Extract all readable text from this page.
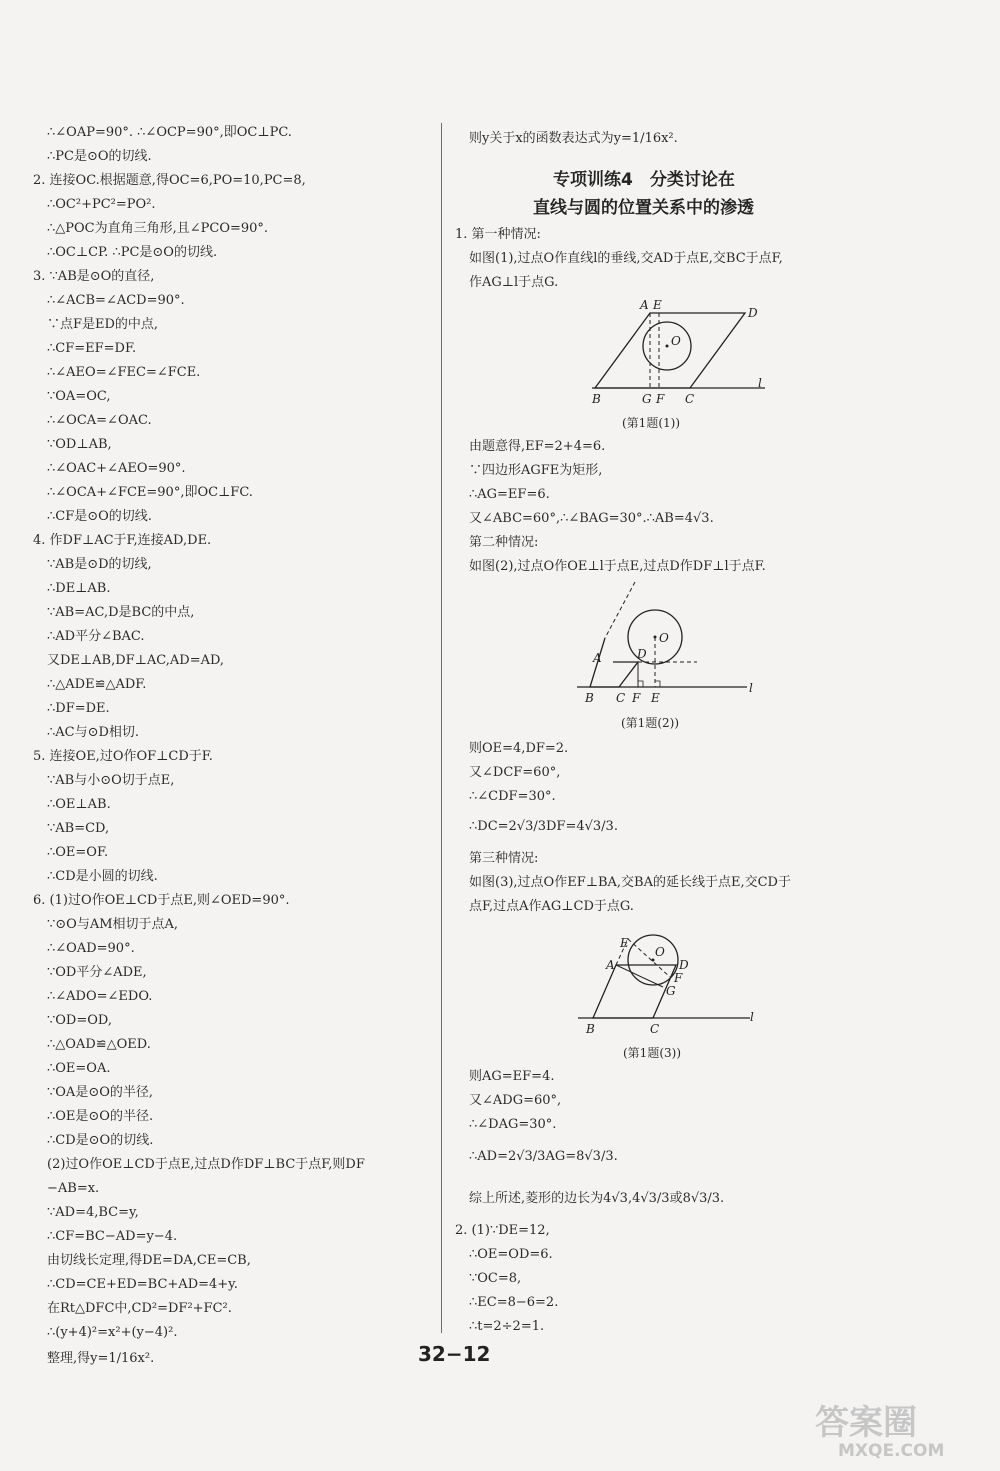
∴∠OAP=90°. ∴∠OCP=90°,即OC⊥PC.
∴PC是⊙O的切线.
2. 连接OC.根据题意,得OC=6,PO=10,PC=8,
∴OC²+PC²=PO².
∴△POC为直角三角形,且∠PCO=90°.
∴OC⊥CP. ∴PC是⊙O的切线.
3. ∵AB是⊙O的直径,
∴∠ACB=∠ACD=90°.
∵点F是ED的中点,
∴CF=EF=DF.
∴∠AEO=∠FEC=∠FCE.
∵OA=OC,
∴∠OCA=∠OAC.
∵OD⊥AB,
∴∠OAC+∠AEO=90°.
∴∠OCA+∠FCE=90°,即OC⊥FC.
∴CF是⊙O的切线.
4. 作DF⊥AC于F,连接AD,DE.
∵AB是⊙D的切线,
∴DE⊥AB.
∵AB=AC,D是BC的中点,
∴AD平分∠BAC.
又DE⊥AB,DF⊥AC,AD=AD,
∴△ADE≌△ADF.
∴DF=DE.
∴AC与⊙D相切.
5. 连接OE,过O作OF⊥CD于F.
∵AB与小⊙O切于点E,
∴OE⊥AB.
∵AB=CD,
∴OE=OF.
∴CD是小圆的切线.
6. (1)过O作OE⊥CD于点E,则∠OED=90°.
∵⊙O与AM相切于点A,
∴∠OAD=90°.
∵OD平分∠ADE,
∴∠ADO=∠EDO.
∵OD=OD,
∴△OAD≌△OED.
∴OE=OA.
∵OA是⊙O的半径,
∴OE是⊙O的半径.
∴CD是⊙O的切线.
(2)过O作OE⊥CD于点E,过点D作DF⊥BC于点F,则DF
−AB=x.
∵AD=4,BC=y,
∴CF=BC−AD=y−4.
由切线长定理,得DE=DA,CE=CB,
∴CD=CE+ED=BC+AD=4+y.
在Rt△DFC中,CD²=DF²+FC².
∴(y+4)²=x²+(y−4)².
整理,得y=1/16x².
则y关于x的函数表达式为y=1/16x².
专项训练4　分类讨论在
直线与圆的位置关系中的渗透
1. 第一种情况:
如图(1),过点O作直线l的垂线,交AD于点E,交BC于点F,
作AG⊥l于点G.
A E
D
O
B	G F C
l
(第1题(1))
由题意得,EF=2+4=6.
∵四边形AGFE为矩形,
∴AG=EF=6.
又∠ABC=60°,∴∠BAG=30°.∴AB=4√3.
第二种情况:
如图(2),过点O作OE⊥l于点E,过点D作DF⊥l于点F.
A	D
O
B C F E
l
(第1题(2))
则OE=4,DF=2.
又∠DCF=60°,
∴∠CDF=30°.
∴DC=2√3/3DF=4√3/3.
第三种情况:
如图(3),过点O作EF⊥BA,交BA的延长线于点E,交CD于
点F,过点A作AG⊥CD于点G.
E
O
A	D
F
G
B	C
l
(第1题(3))
则AG=EF=4.
又∠ADG=60°,
∴∠DAG=30°.
∴AD=2√3/3AG=8√3/3.
综上所述,菱形的边长为4√3,4√3/3或8√3/3.
2. (1)∵DE=12,
∴OE=OD=6.
∵OC=8,
∴EC=8−6=2.
∴t=2÷2=1.
32−12
答案圈
MXQE.COM
